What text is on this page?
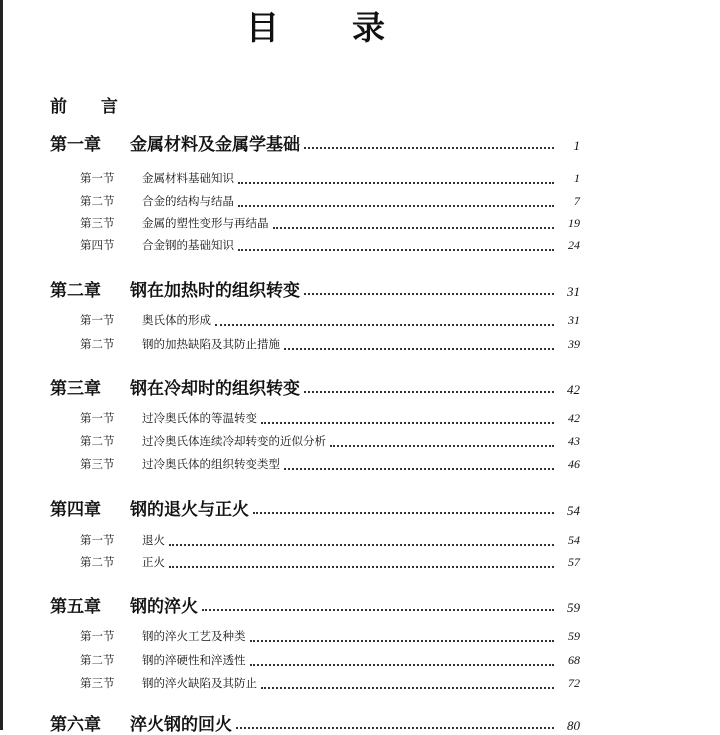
目 录
前 言
第一章	金属材料及金属学基础	1
第一节	金属材料基础知识	1
第二节	合金的结构与结晶	7
第三节	金属的塑性变形与再结晶	19
第四节	合金钢的基础知识	24
第二章	钢在加热时的组织转变	31
第一节	奥氏体的形成	31
第二节	钢的加热缺陷及其防止措施	39
第三章	钢在冷却时的组织转变	42
第一节	过冷奥氏体的等温转变	42
第二节	过冷奥氏体连续冷却转变的近似分析	43
第三节	过冷奥氏体的组织转变类型	46
第四章	钢的退火与正火	54
第一节	退火	54
第二节	正火	57
第五章	钢的淬火	59
第一节	钢的淬火工艺及种类	59
第二节	钢的淬硬性和淬透性	68
第三节	钢的淬火缺陷及其防止	72
第六章	淬火钢的回火	80
